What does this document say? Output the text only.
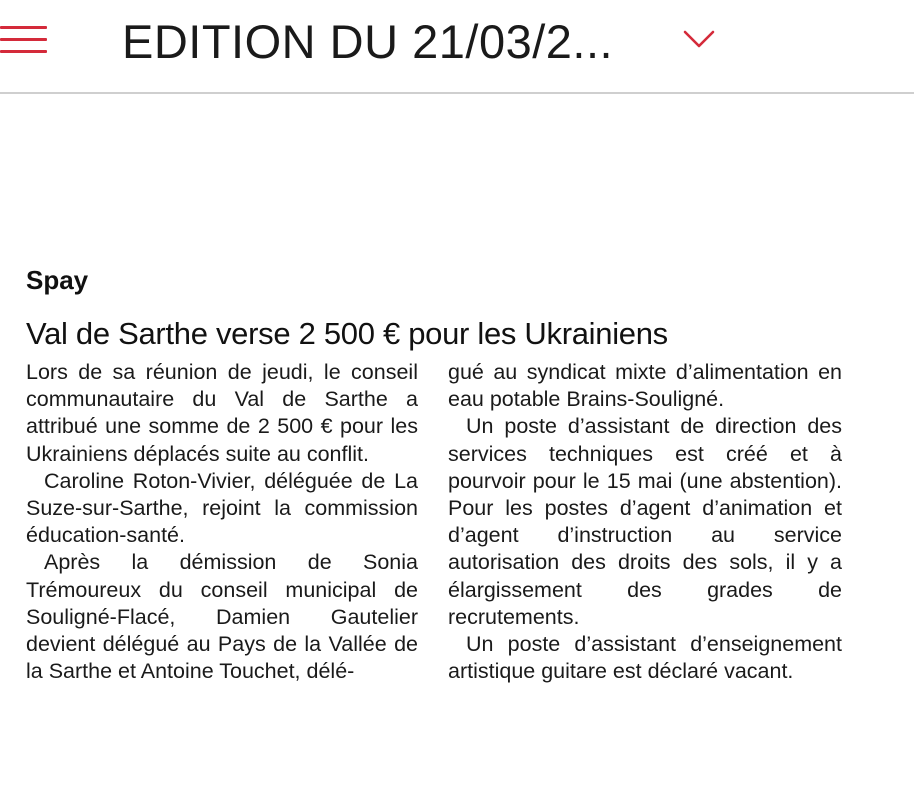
EDITION DU 21/03/2...
Spay
Val de Sarthe verse 2 500 € pour les Ukrainiens

Lors de sa réunion de jeudi, le conseil communautaire du Val de Sarthe a attribué une somme de 2 500 € pour les Ukrainiens déplacés suite au conflit.

Caroline Roton-Vivier, déléguée de La Suze-sur-Sarthe, rejoint la commission éducation-santé.

Après la démission de Sonia Trémoureux du conseil municipal de Souligné-Flacé, Damien Gautelier devient délégué au Pays de la Vallée de la Sarthe et Antoine Touchet, délé-

gué au syndicat mixte d’alimentation en eau potable Brains-Souligné.

Un poste d’assistant de direction des services techniques est créé et à pourvoir pour le 15 mai (une abstention). Pour les postes d’agent d’animation et d’agent d’instruction au service autorisation des droits des sols, il y a élargissement des grades de recrutements.

Un poste d’assistant d’enseignement artistique guitare est déclaré vacant.
